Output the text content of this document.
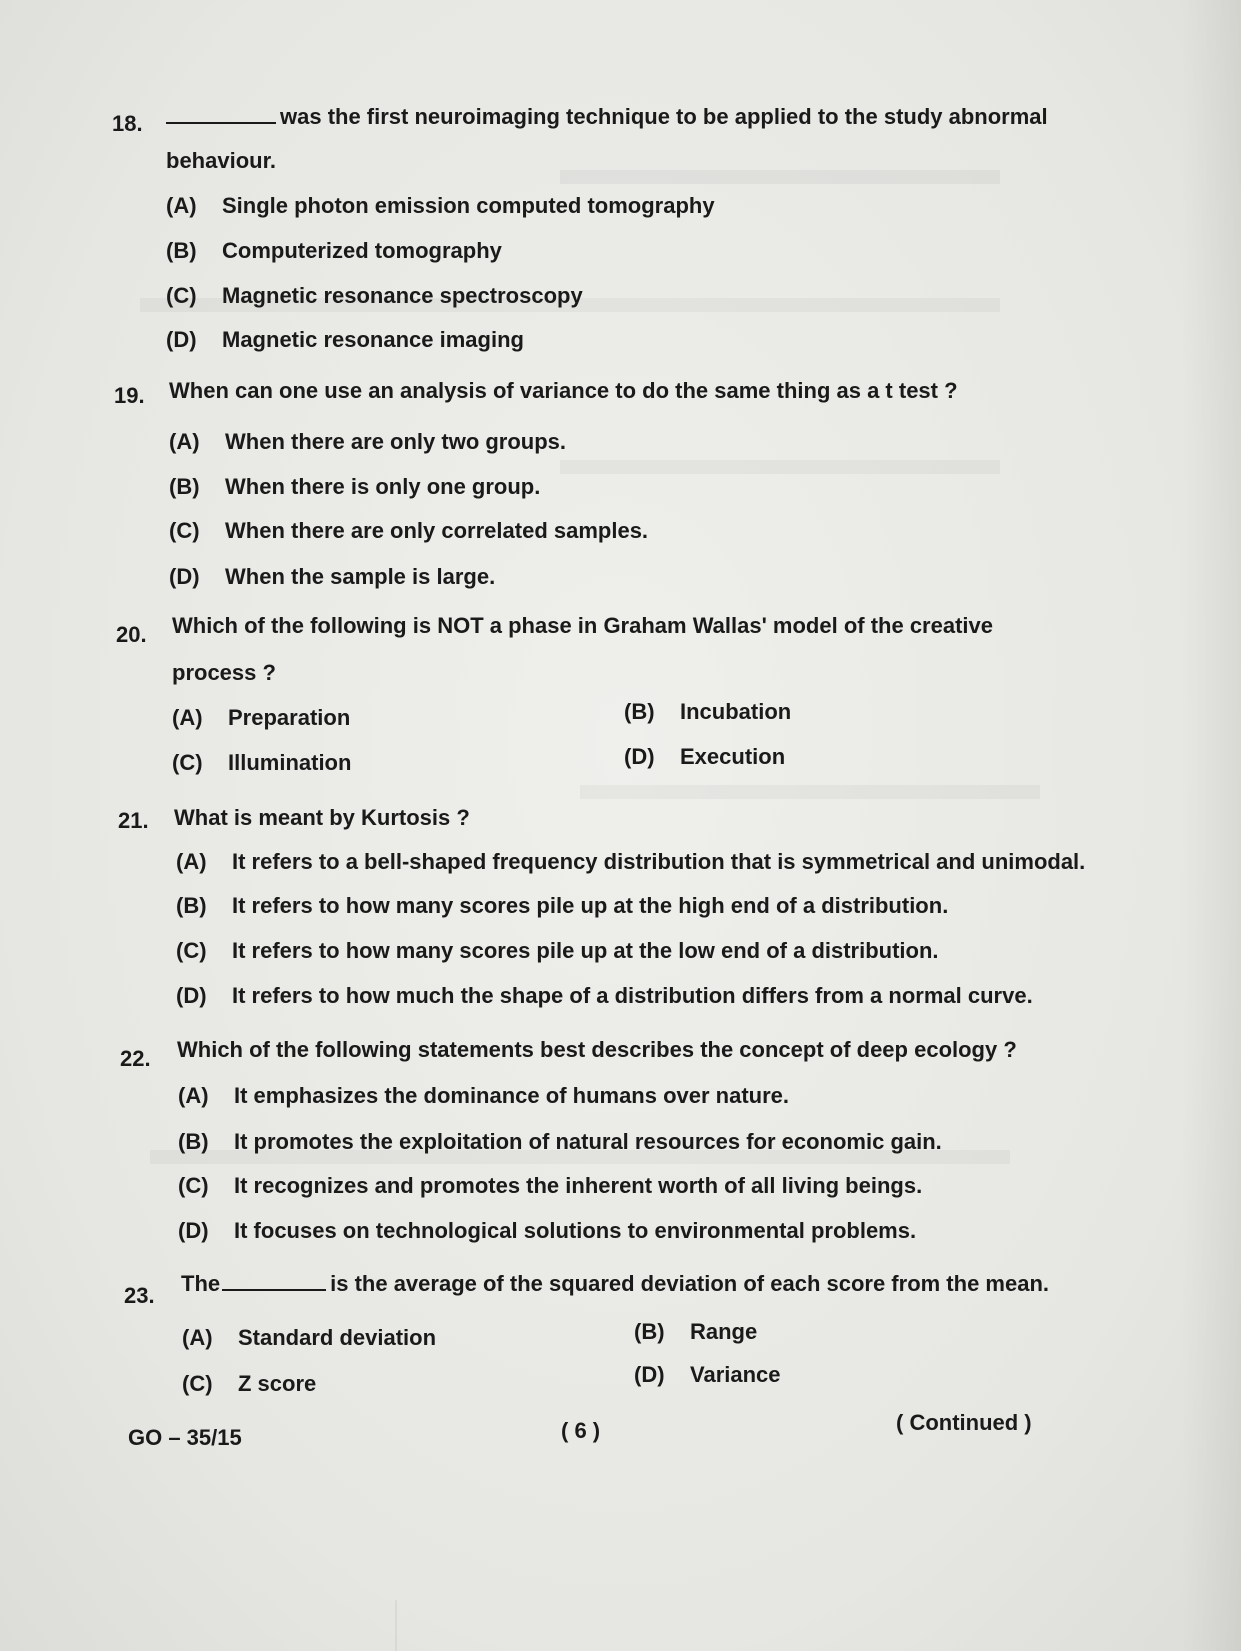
18.	was the first neuroimaging technique to be applied to the study abnormal
behaviour.
(A) Single photon emission computed tomography
(B) Computerized tomography
(C) Magnetic resonance spectroscopy
(D) Magnetic resonance imaging
19.	When can one use an analysis of variance to do the same thing as a t test ?
(A) When there are only two groups.
(B) When there is only one group.
(C) When there are only correlated samples.
(D) When the sample is large.
20.	Which of the following is NOT a phase in Graham Wallas' model of the creative
process ?
(A) Preparation	(B) Incubation
(C) Illumination	(D) Execution
21.	What is meant by Kurtosis ?
(A) It refers to a bell-shaped frequency distribution that is symmetrical and unimodal.
(B) It refers to how many scores pile up at the high end of a distribution.
(C) It refers to how many scores pile up at the low end of a distribution.
(D) It refers to how much the shape of a distribution differs from a normal curve.
22.	Which of the following statements best describes the concept of deep ecology ?
(A) It emphasizes the dominance of humans over nature.
(B) It promotes the exploitation of natural resources for economic gain.
(C) It recognizes and promotes the inherent worth of all living beings.
(D) It focuses on technological solutions to environmental problems.
23.	The	is the average of the squared deviation of each score from the mean.
(A) Standard deviation	(B) Range
(C) Z score	(D) Variance
GO – 35/15	( 6 )	( Continued )
